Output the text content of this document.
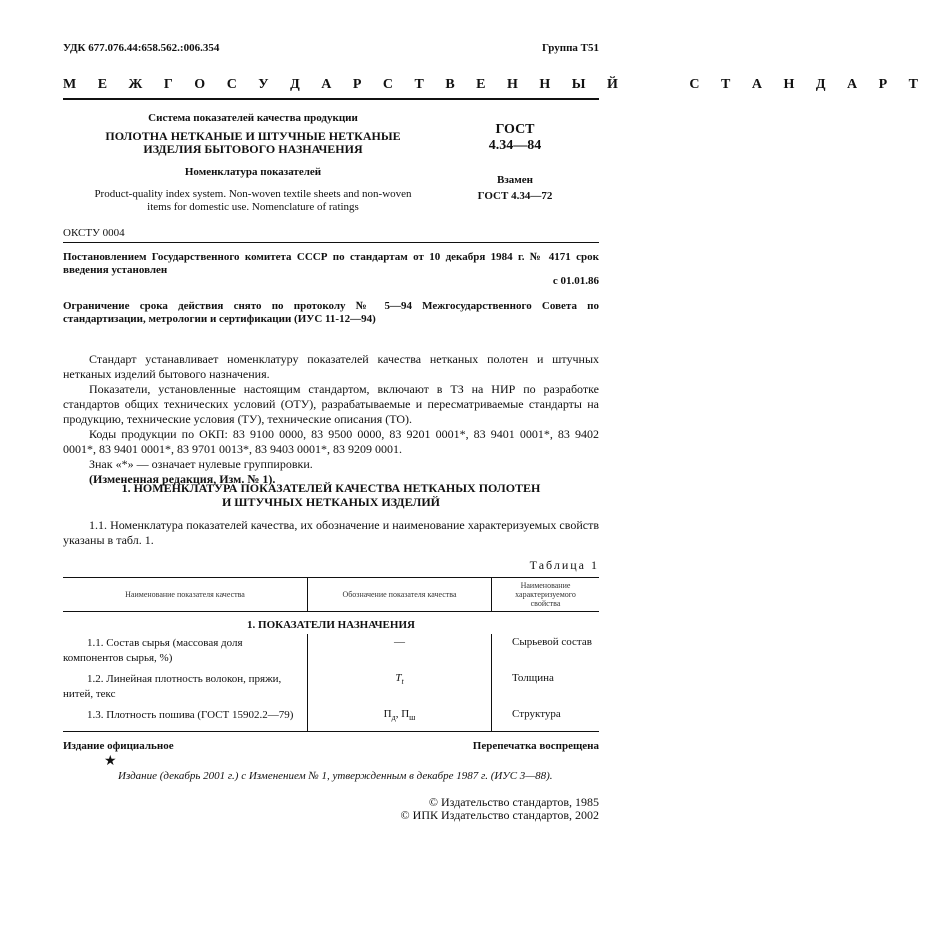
УДК 677.076.44:658.562.:006.354	Группа Т51
М Е Ж Г О С У Д А Р С Т В Е Н Н Ы Й     С Т А Н Д А Р Т
Система показателей качества продукции
ПОЛОТНА НЕТКАНЫЕ И ШТУЧНЫЕ НЕТКАНЫЕ
ИЗДЕЛИЯ БЫТОВОГО НАЗНАЧЕНИЯ
Номенклатура показателей
Product-quality index system. Non-woven textile sheets and non-woven
items for domestic use. Nomenclature of ratings
ГОСТ
4.34—84
Взамен
ГОСТ 4.34—72
ОКСТУ 0004
Постановлением Государственного комитета СССР по стандартам от 10 декабря 1984 г. № 4171 срок введения установлен
с 01.01.86
Ограничение срока действия снято по протоколу № 5—94 Межгосударственного Совета по стандартизации, метрологии и сертификации (ИУС 11-12—94)
Стандарт устанавливает номенклатуру показателей качества нетканых полотен и штучных нетканых изделий бытового назначения.
Показатели, установленные настоящим стандартом, включают в ТЗ на НИР по разработке стандартов общих технических условий (ОТУ), разрабатываемые и пересматриваемые стандарты на продукцию, технические условия (ТУ), технические описания (ТО).
Коды продукции по ОКП: 83 9100 0000, 83 9500 0000, 83 9201 0001*, 83 9401 0001*, 83 9402 0001*, 83 9401 0001*, 83 9701 0013*, 83 9403 0001*, 83 9209 0001.
Знак «*» — означает нулевые группировки.
(Измененная редакция, Изм. № 1).
1. НОМЕНКЛАТУРА ПОКАЗАТЕЛЕЙ КАЧЕСТВА НЕТКАНЫХ ПОЛОТЕН
И ШТУЧНЫХ НЕТКАНЫХ ИЗДЕЛИЙ
1.1. Номенклатура показателей качества, их обозначение и наименование характеризуемых свойств указаны в табл. 1.
Таблица 1
Наименование показателя качества	Обозначение показателя качества	Наименование характеризуемого свойства
1. ПОКАЗАТЕЛИ НАЗНАЧЕНИЯ		
1.1. Состав сырья (массовая доля компонентов сырья, %)	—	Сырьевой состав
1.2. Линейная плотность волокон, пряжи, нитей, текс	$T_t$	Толщина
1.3. Плотность пошива (ГОСТ 15902.2—79)	$П_д$, $П_ш$	Структура
Издание официальное	Перепечатка воспрещена
★
Издание (декабрь 2001 г.) с Изменением № 1, утвержденным в декабре 1987 г. (ИУС 3—88).
© Издательство стандартов, 1985
© ИПК Издательство стандартов, 2002
